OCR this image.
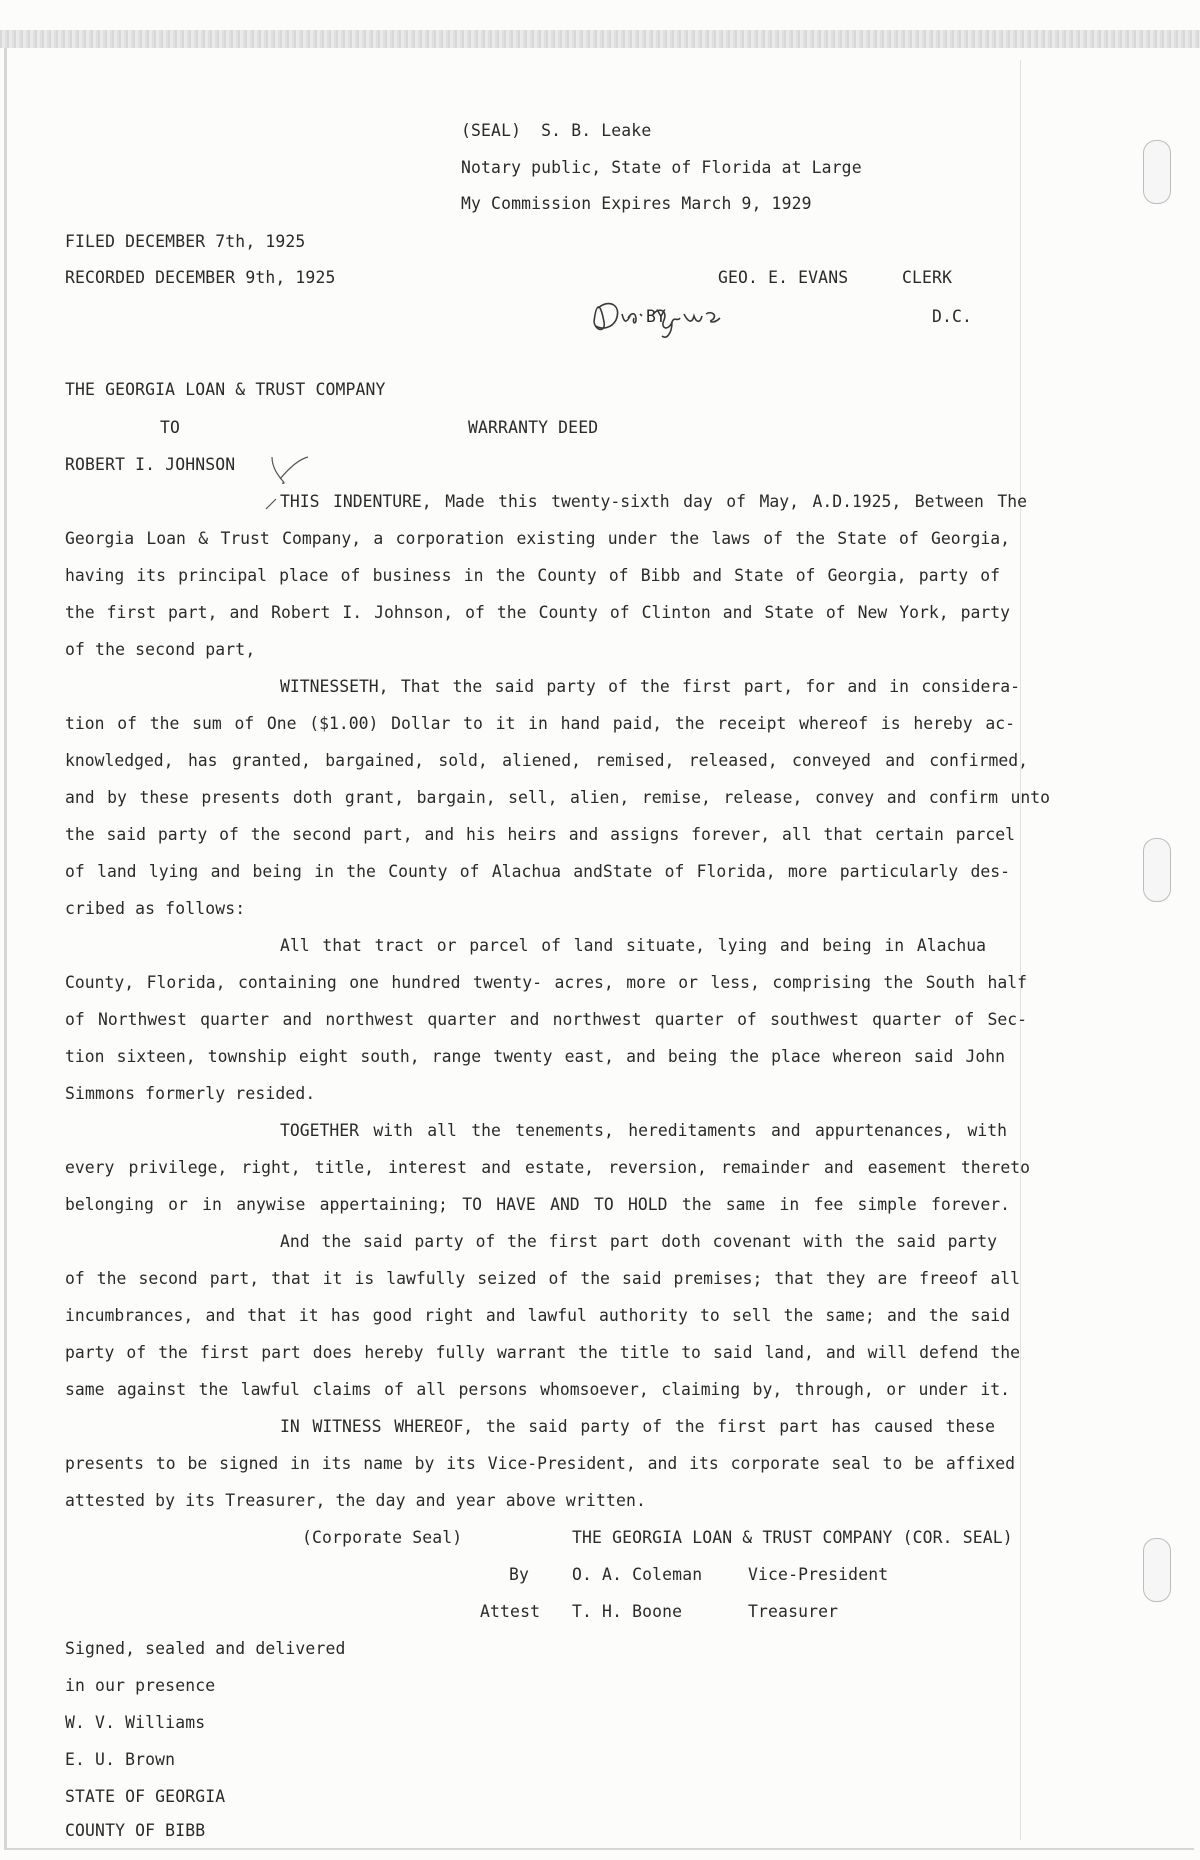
(SEAL)  S. B. Leake

Notary public, State of Florida at Large

My Commission Expires March 9, 1929

FILED DECEMBER 7th, 1925

RECORDED DECEMBER 9th, 1925	GEO. E. EVANS	CLERK

BY	D.C.

THE GEORGIA LOAN & TRUST COMPANY

TO	WARRANTY DEED

ROBERT I. JOHNSON

THIS INDENTURE, Made this twenty-sixth day of May, A.D.1925, Between The

Georgia Loan & Trust Company, a corporation existing under the laws of the State of Georgia,

having its principal place of business in the County of Bibb and State of Georgia, party of

the first part, and Robert I. Johnson, of the County of Clinton and State of New York, party

of the second part,

WITNESSETH, That the said party of the first part, for and in considera-

tion of the sum of One ($1.00) Dollar to it in hand paid, the receipt whereof is hereby ac-

knowledged, has granted, bargained, sold, aliened, remised, released, conveyed and confirmed,

and by these presents doth grant, bargain, sell, alien, remise, release, convey and confirm unto

the said party of the second part, and his heirs and assigns forever, all that certain parcel

of land lying and being in the County of Alachua andState of Florida, more particularly des-

cribed as follows:

All that tract or parcel of land situate, lying and being in Alachua

County, Florida, containing one hundred twenty- acres, more or less, comprising the South half

of Northwest quarter and northwest quarter and northwest quarter of southwest quarter of Sec-

tion sixteen, township eight south, range twenty east, and being the place whereon said John

Simmons formerly resided.

TOGETHER with all the tenements, hereditaments and appurtenances, with

every privilege, right, title, interest and estate, reversion, remainder and easement thereto

belonging or in anywise appertaining; TO HAVE AND TO HOLD the same in fee simple forever.

And the said party of the first part doth covenant with the said party

of the second part, that it is lawfully seized of the said premises; that they are freeof all

incumbrances, and that it has good right and lawful authority to sell the same; and the said

party of the first part does hereby fully warrant the title to said land, and will defend the

same against the lawful claims of all persons whomsoever, claiming by, through, or under it.

IN WITNESS WHEREOF, the said party of the first part has caused these

presents to be signed in its name by its Vice-President, and its corporate seal to be affixed

attested by its Treasurer, the day and year above written.

(Corporate Seal)	THE GEORGIA LOAN & TRUST COMPANY (COR. SEAL)

By	O. A. Coleman	Vice-President

Attest T. H. Boone	Treasurer

Signed, sealed and delivered

in our presence

W. V. Williams

E. U. Brown

STATE OF GEORGIA

COUNTY OF BIBB
